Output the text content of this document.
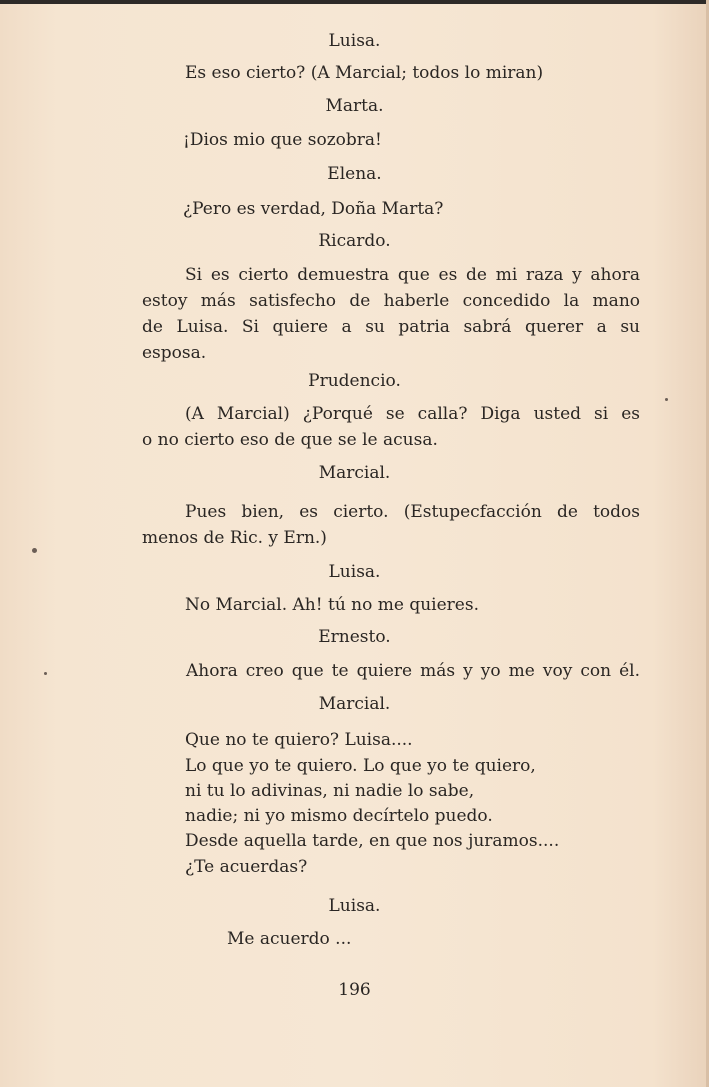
Luisa.
Es eso cierto? (A Marcial; todos lo miran)
Marta.
¡Dios mio que sozobra!
Elena.
¿Pero es verdad, Doña Marta?
Ricardo.
Si es cierto demuestra que es de mi raza y ahora
estoy más satisfecho de haberle concedido la mano
de Luisa. Si quiere a su patria sabrá querer a su
esposa.
Prudencio.
(A Marcial) ¿Porqué se calla? Diga usted si es
o no cierto eso de que se le acusa.
Marcial.
Pues bien, es cierto. (Estupecfacción de todos
menos de Ric. y Ern.)
Luisa.
No Marcial. Ah! tú no me quieres.
Ernesto.
Ahora creo que te quiere más y yo me voy con él.
Marcial.
Que no te quiero? Luisa....
Lo que yo te quiero. Lo que yo te quiero,
ni tu lo adivinas, ni nadie lo sabe,
nadie; ni yo mismo decírtelo puedo.
Desde aquella tarde, en que nos juramos....
¿Te acuerdas?
Luisa.
Me acuerdo ...
196
